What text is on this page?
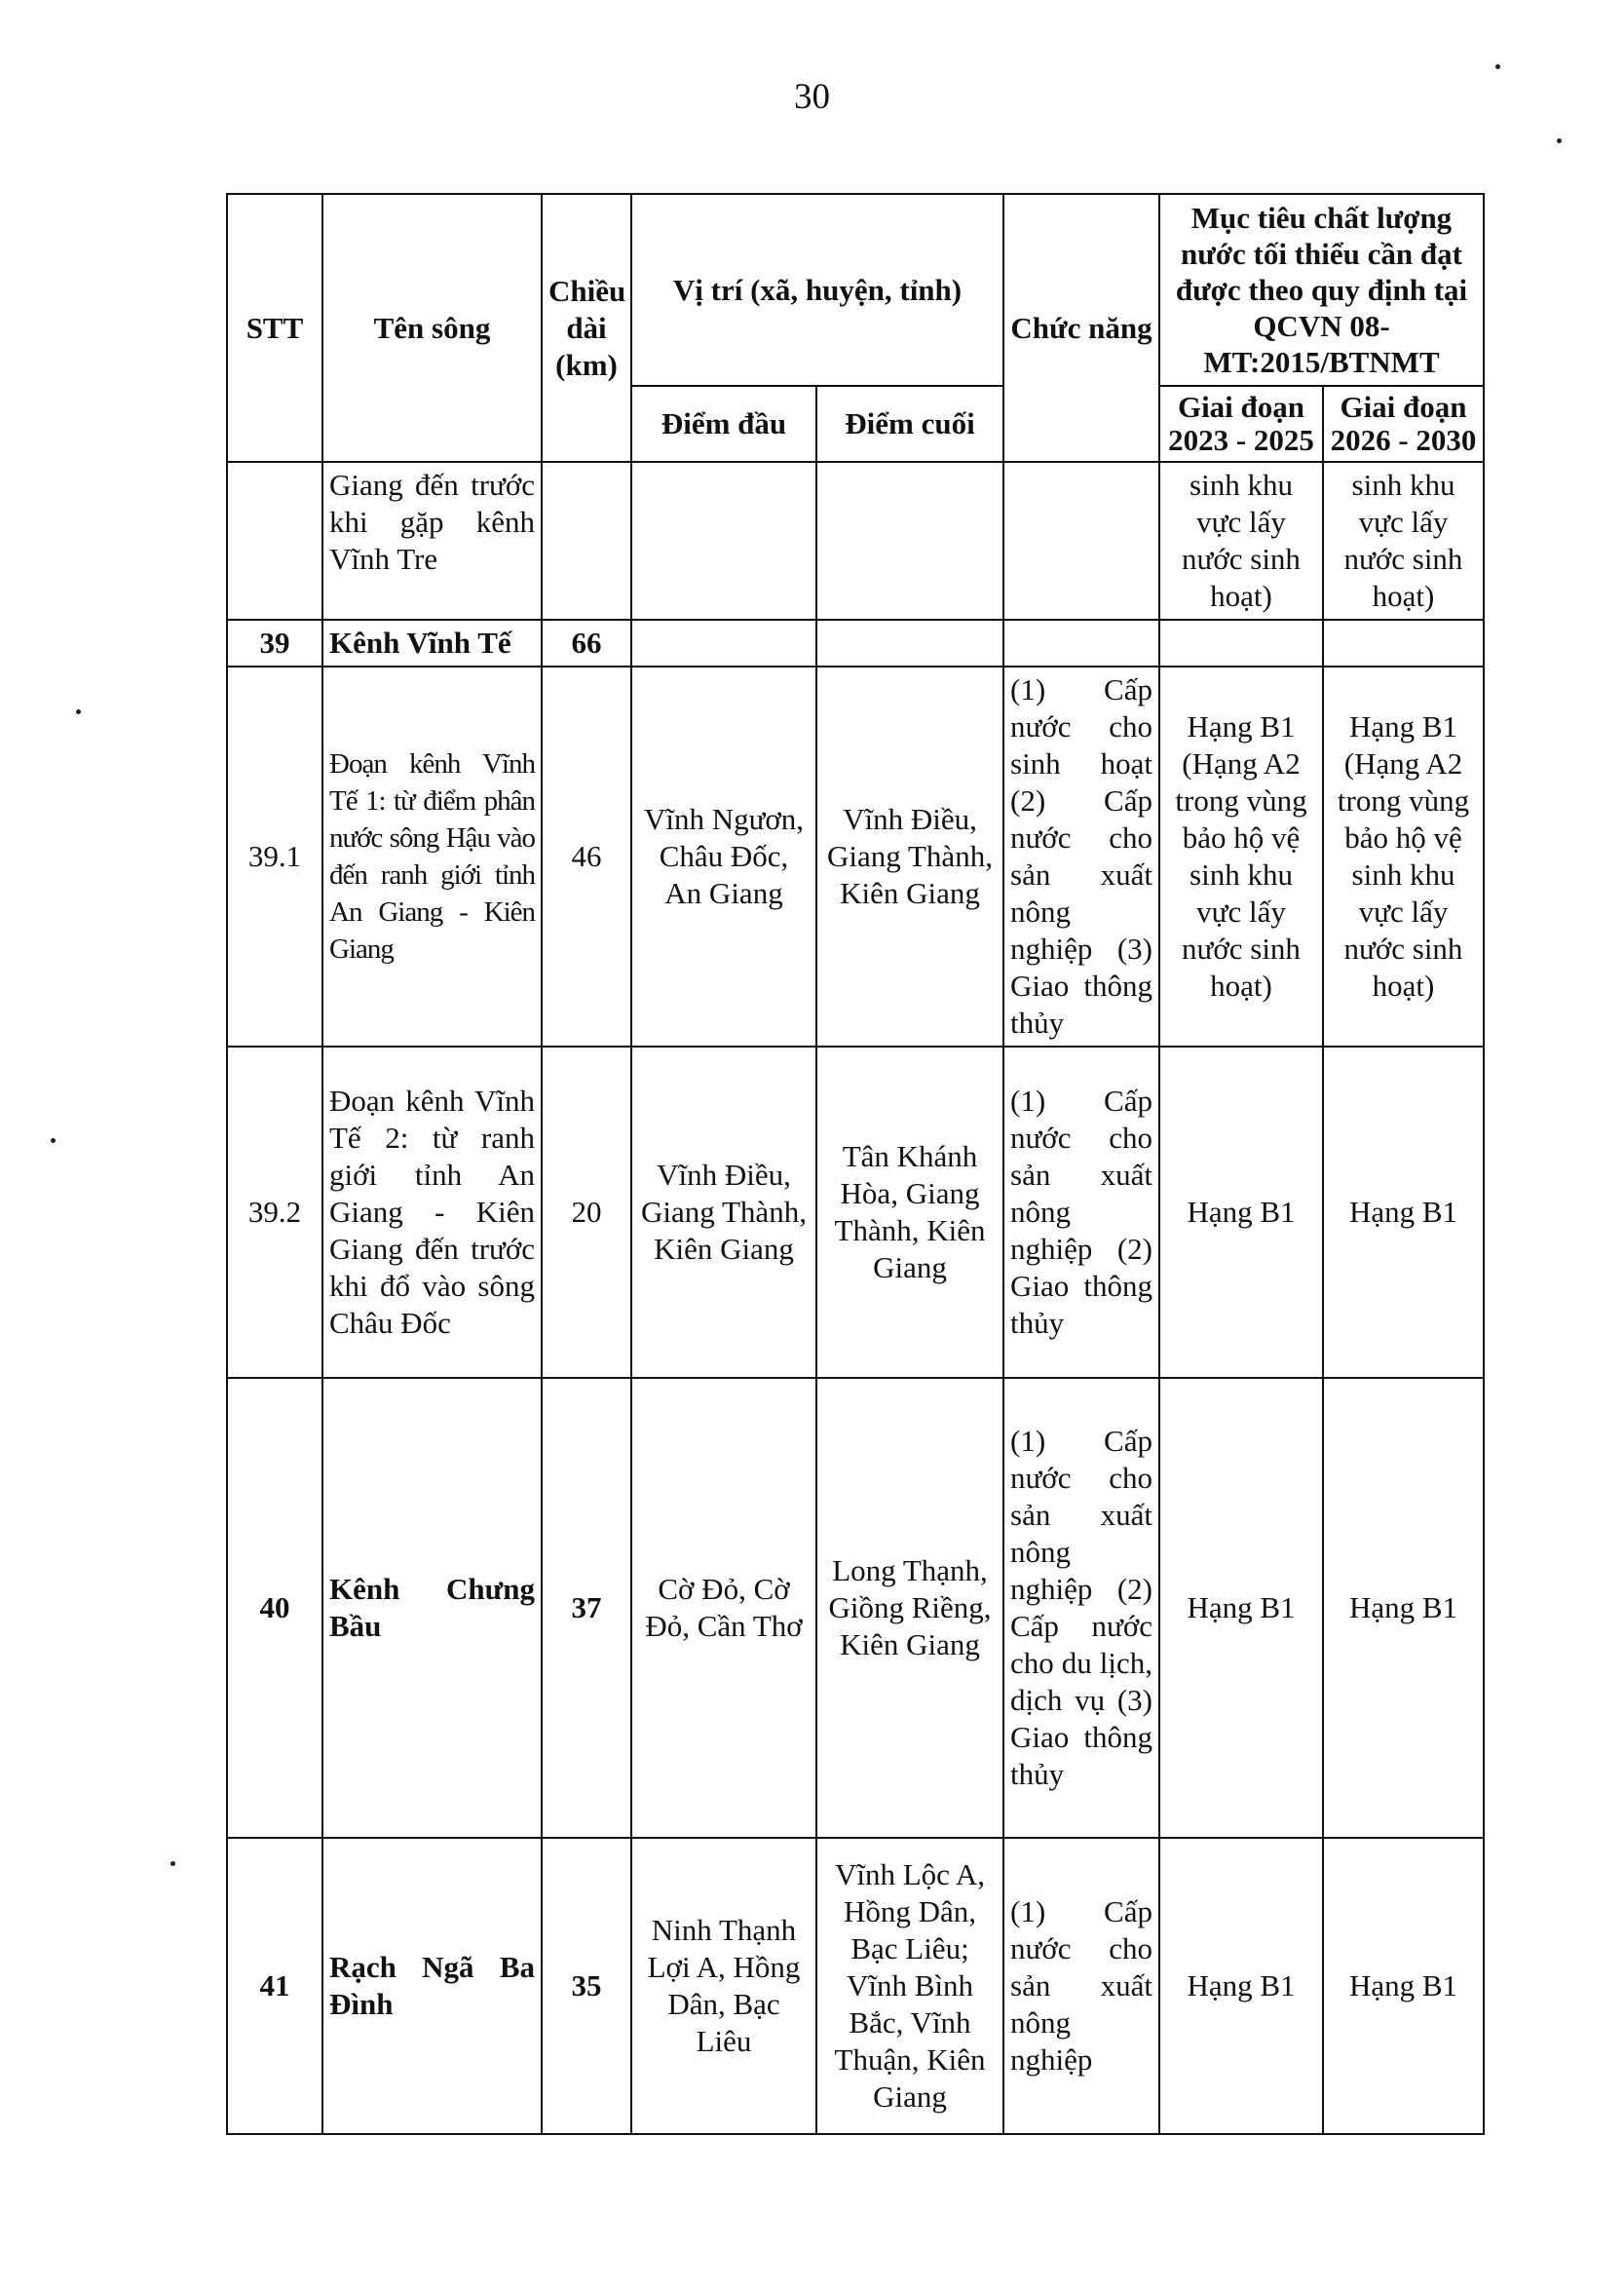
30
STT	Tên sông	Chiều dài (km)	Vị trí (xã, huyện, tỉnh)		Chức năng	Mục tiêu chất lượng nước tối thiểu cần đạt được theo quy định tại QCVN 08-MT:2015/BTNMT	
			Điểm đầu	Điểm cuối		Giai đoạn 2023 - 2025	Giai đoạn 2026 - 2030
	Giang đến trước khi gặp kênh Vĩnh Tre					sinh khu vực lấy nước sinh hoạt)	sinh khu vực lấy nước sinh hoạt)
39	Kênh Vĩnh Tế	66					
39.1	Đoạn kênh Vĩnh Tế 1: từ điểm phân nước sông Hậu vào đến ranh giới tỉnh An Giang - Kiên Giang	46	Vĩnh Ngươn, Châu Đốc, An Giang	Vĩnh Điều, Giang Thành, Kiên Giang	(1) Cấp nước cho sinh hoạt (2) Cấp nước cho sản xuất nông nghiệp (3) Giao thông thủy	Hạng B1 (Hạng A2 trong vùng bảo hộ vệ sinh khu vực lấy nước sinh hoạt)	Hạng B1 (Hạng A2 trong vùng bảo hộ vệ sinh khu vực lấy nước sinh hoạt)
39.2	Đoạn kênh Vĩnh Tế 2: từ ranh giới tỉnh An Giang - Kiên Giang đến trước khi đổ vào sông Châu Đốc	20	Vĩnh Điều, Giang Thành, Kiên Giang	Tân Khánh Hòa, Giang Thành, Kiên Giang	(1) Cấp nước cho sản xuất nông nghiệp (2) Giao thông thủy	Hạng B1	Hạng B1
40	Kênh Chưng Bầu	37	Cờ Đỏ, Cờ Đỏ, Cần Thơ	Long Thạnh, Giồng Riềng, Kiên Giang	(1) Cấp nước cho sản xuất nông nghiệp (2) Cấp nước cho du lịch, dịch vụ (3) Giao thông thủy	Hạng B1	Hạng B1
41	Rạch Ngã Ba Đình	35	Ninh Thạnh Lợi A, Hồng Dân, Bạc Liêu	Vĩnh Lộc A, Hồng Dân, Bạc Liêu; Vĩnh Bình Bắc, Vĩnh Thuận, Kiên Giang	(1) Cấp nước cho sản xuất nông nghiệp	Hạng B1	Hạng B1
